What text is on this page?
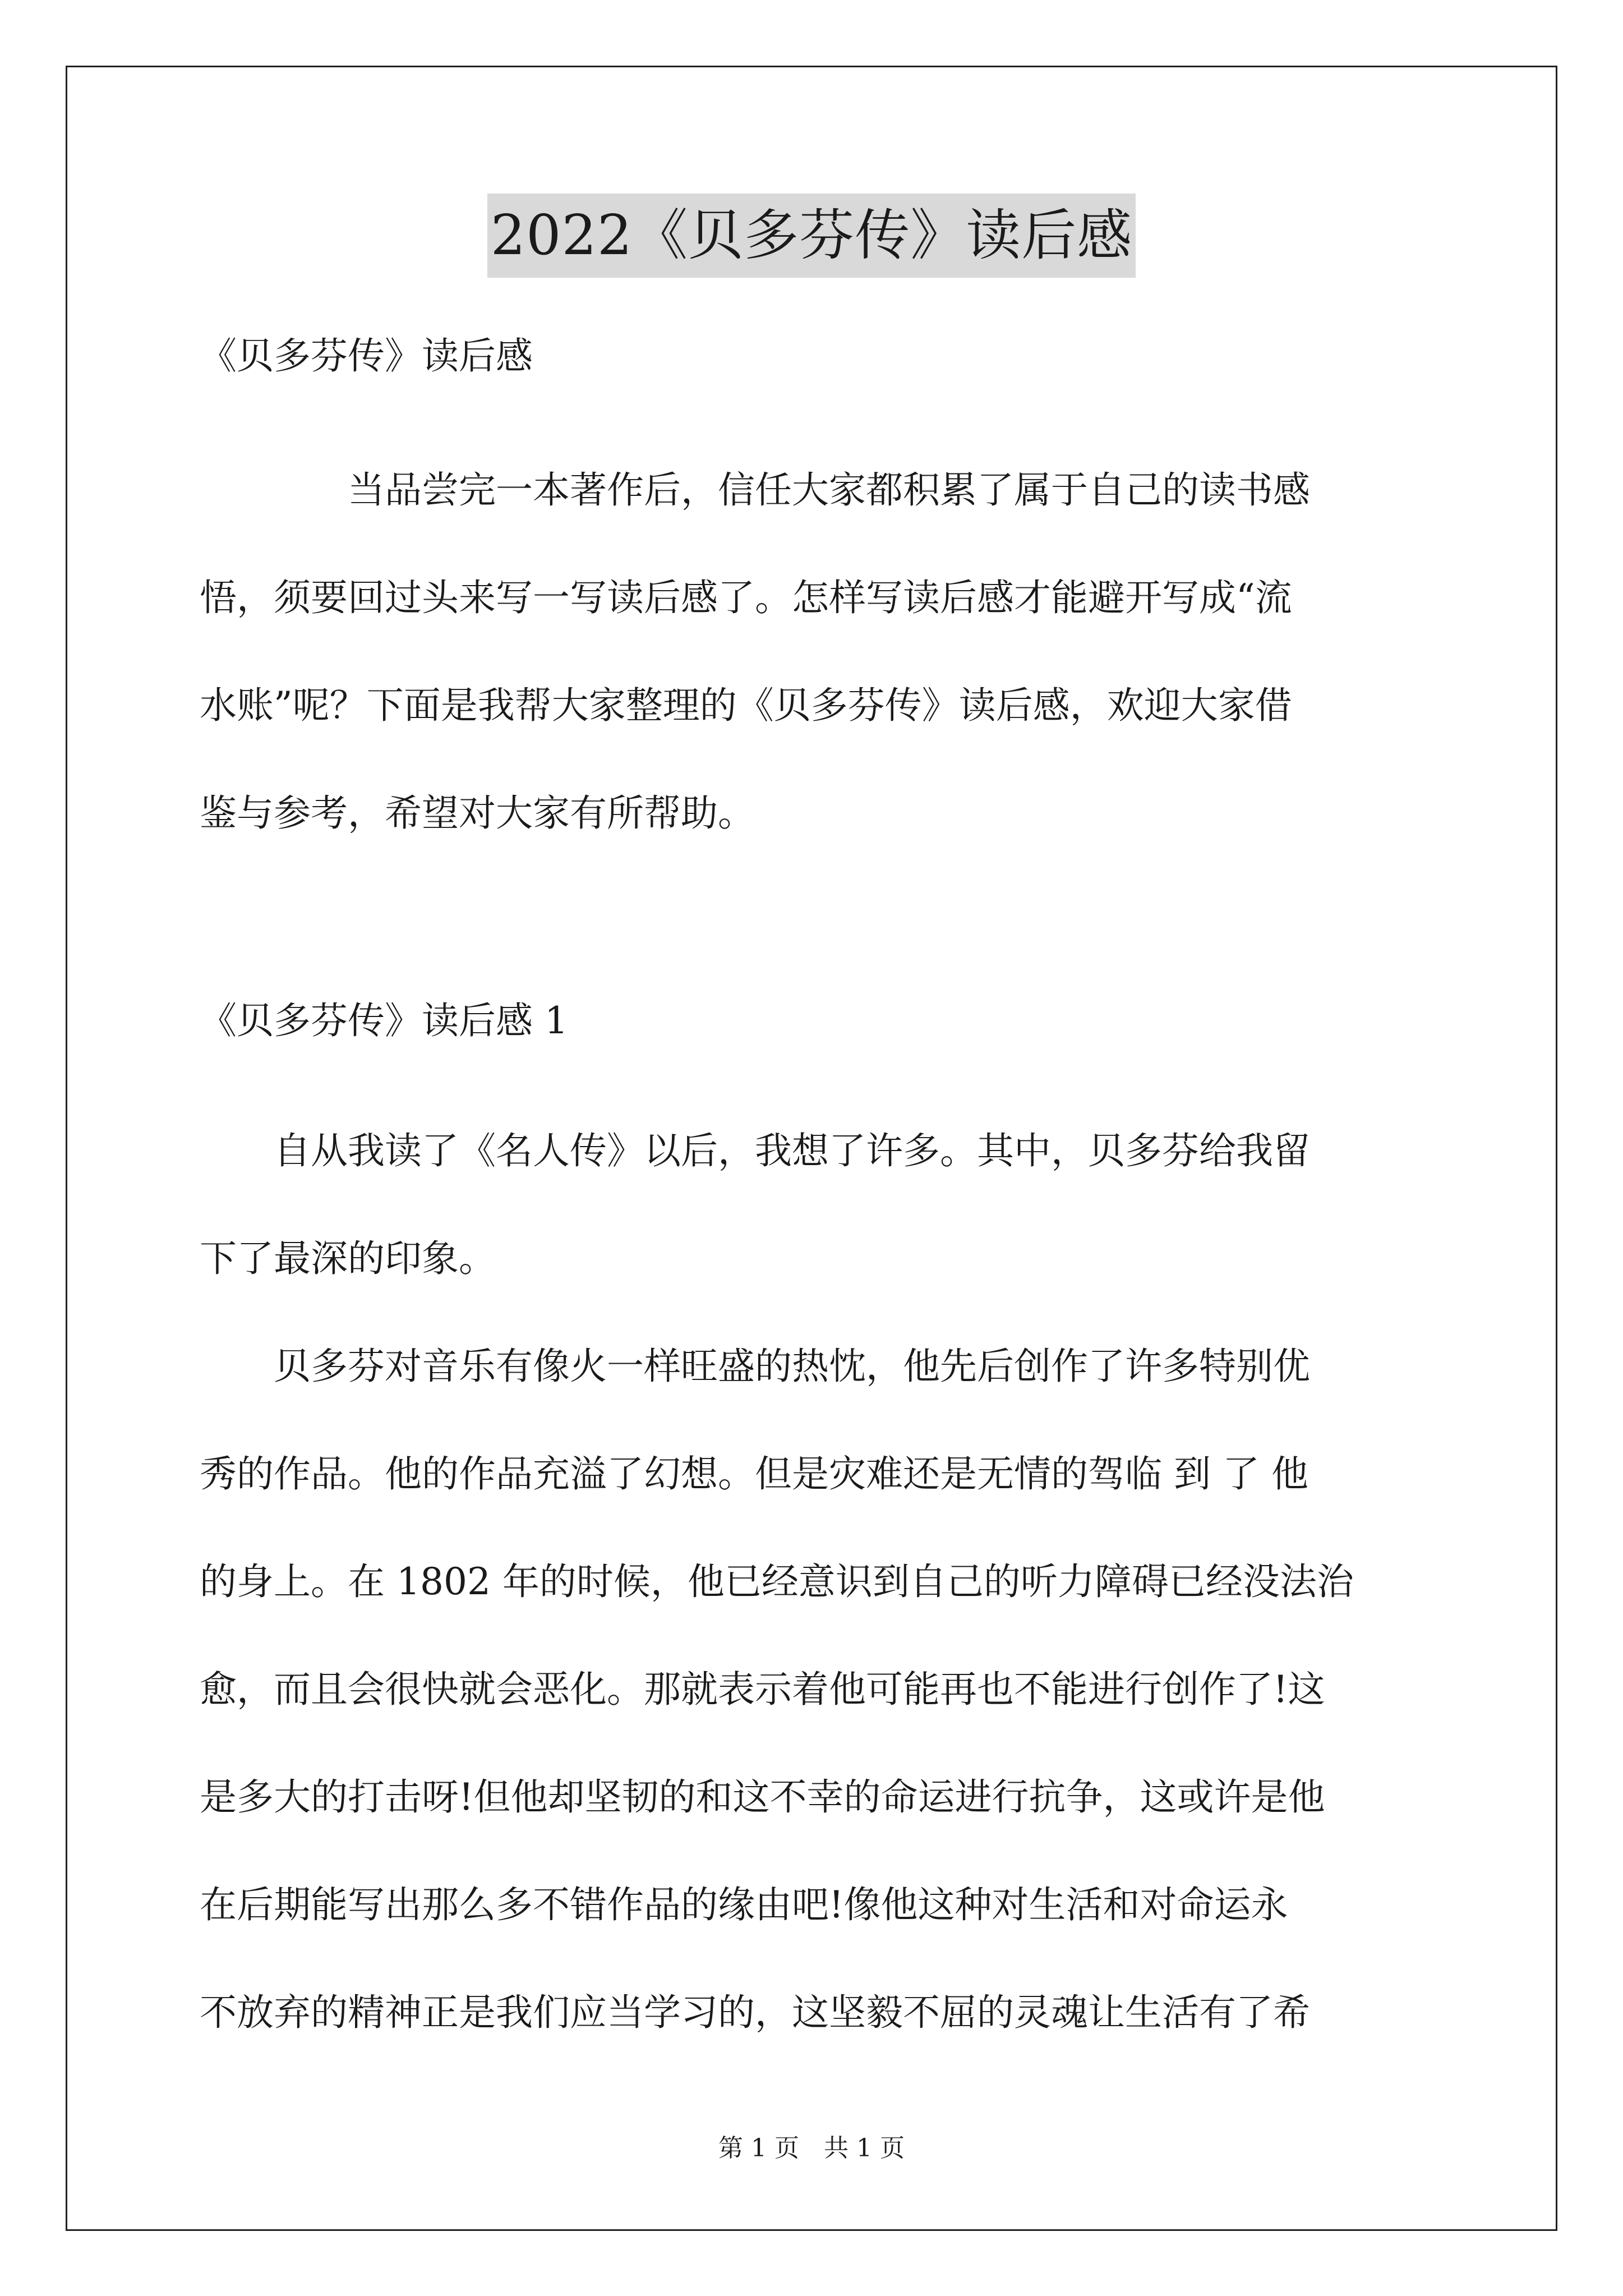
2022《贝多芬传》读后感
《贝多芬传》读后感
　　　　当品尝完一本著作后，信任大家都积累了属于自己的读书感
悟，须要回过头来写一写读后感了。怎样写读后感才能避开写成“流
水账”呢？下面是我帮大家整理的《贝多芬传》读后感，欢迎大家借
鉴与参考，希望对大家有所帮助。
《贝多芬传》读后感 1
　　自从我读了《名人传》以后，我想了许多。其中，贝多芬给我留
下了最深的印象。
　　贝多芬对音乐有像火一样旺盛的热忱，他先后创作了许多特别优
秀的作品。他的作品充溢了幻想。但是灾难还是无情的驾临 到 了 他
的身上。在 1802 年的时候，他已经意识到自己的听力障碍已经没法治
愈，而且会很快就会恶化。那就表示着他可能再也不能进行创作了!这
是多大的打击呀!但他却坚韧的和这不幸的命运进行抗争，这或许是他
在后期能写出那么多不错作品的缘由吧!像他这种对生活和对命运永
不放弃的精神正是我们应当学习的，这坚毅不屈的灵魂让生活有了希
第 1 页　共 1 页
